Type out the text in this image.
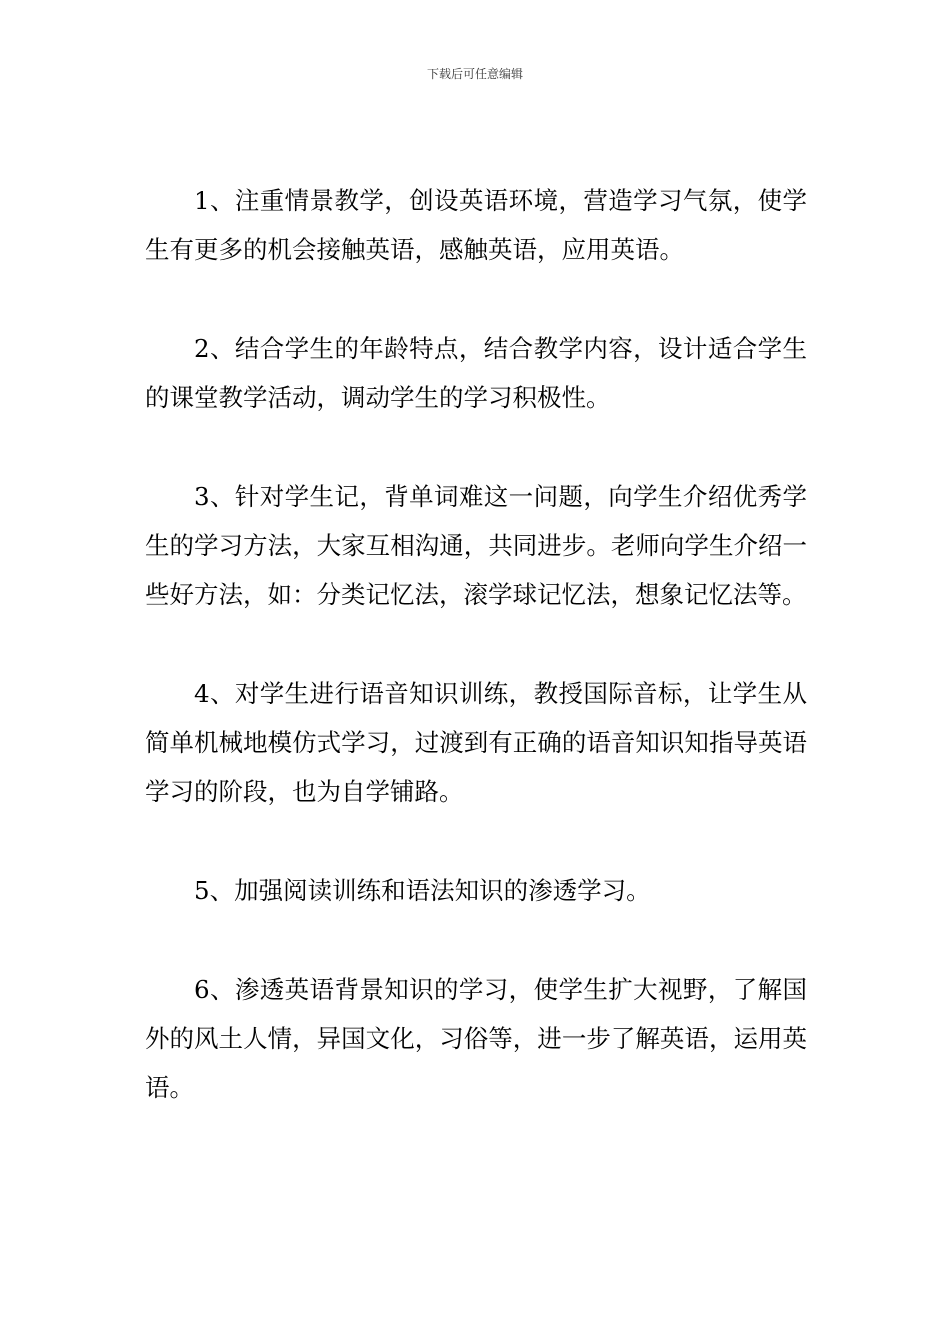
下载后可任意编辑

1、注重情景教学，创设英语环境，营造学习气氛，使学生有更多的机会接触英语，感触英语，应用英语。

2、结合学生的年龄特点，结合教学内容，设计适合学生的课堂教学活动，调动学生的学习积极性。

3、针对学生记，背单词难这一问题，向学生介绍优秀学生的学习方法，大家互相沟通，共同进步。老师向学生介绍一些好方法，如：分类记忆法，滚学球记忆法，想象记忆法等。

4、对学生进行语音知识训练，教授国际音标，让学生从简单机械地模仿式学习，过渡到有正确的语音知识知指导英语学习的阶段，也为自学铺路。

5、加强阅读训练和语法知识的渗透学习。

6、渗透英语背景知识的学习，使学生扩大视野，了解国外的风土人情，异国文化，习俗等，进一步了解英语，运用英语。
